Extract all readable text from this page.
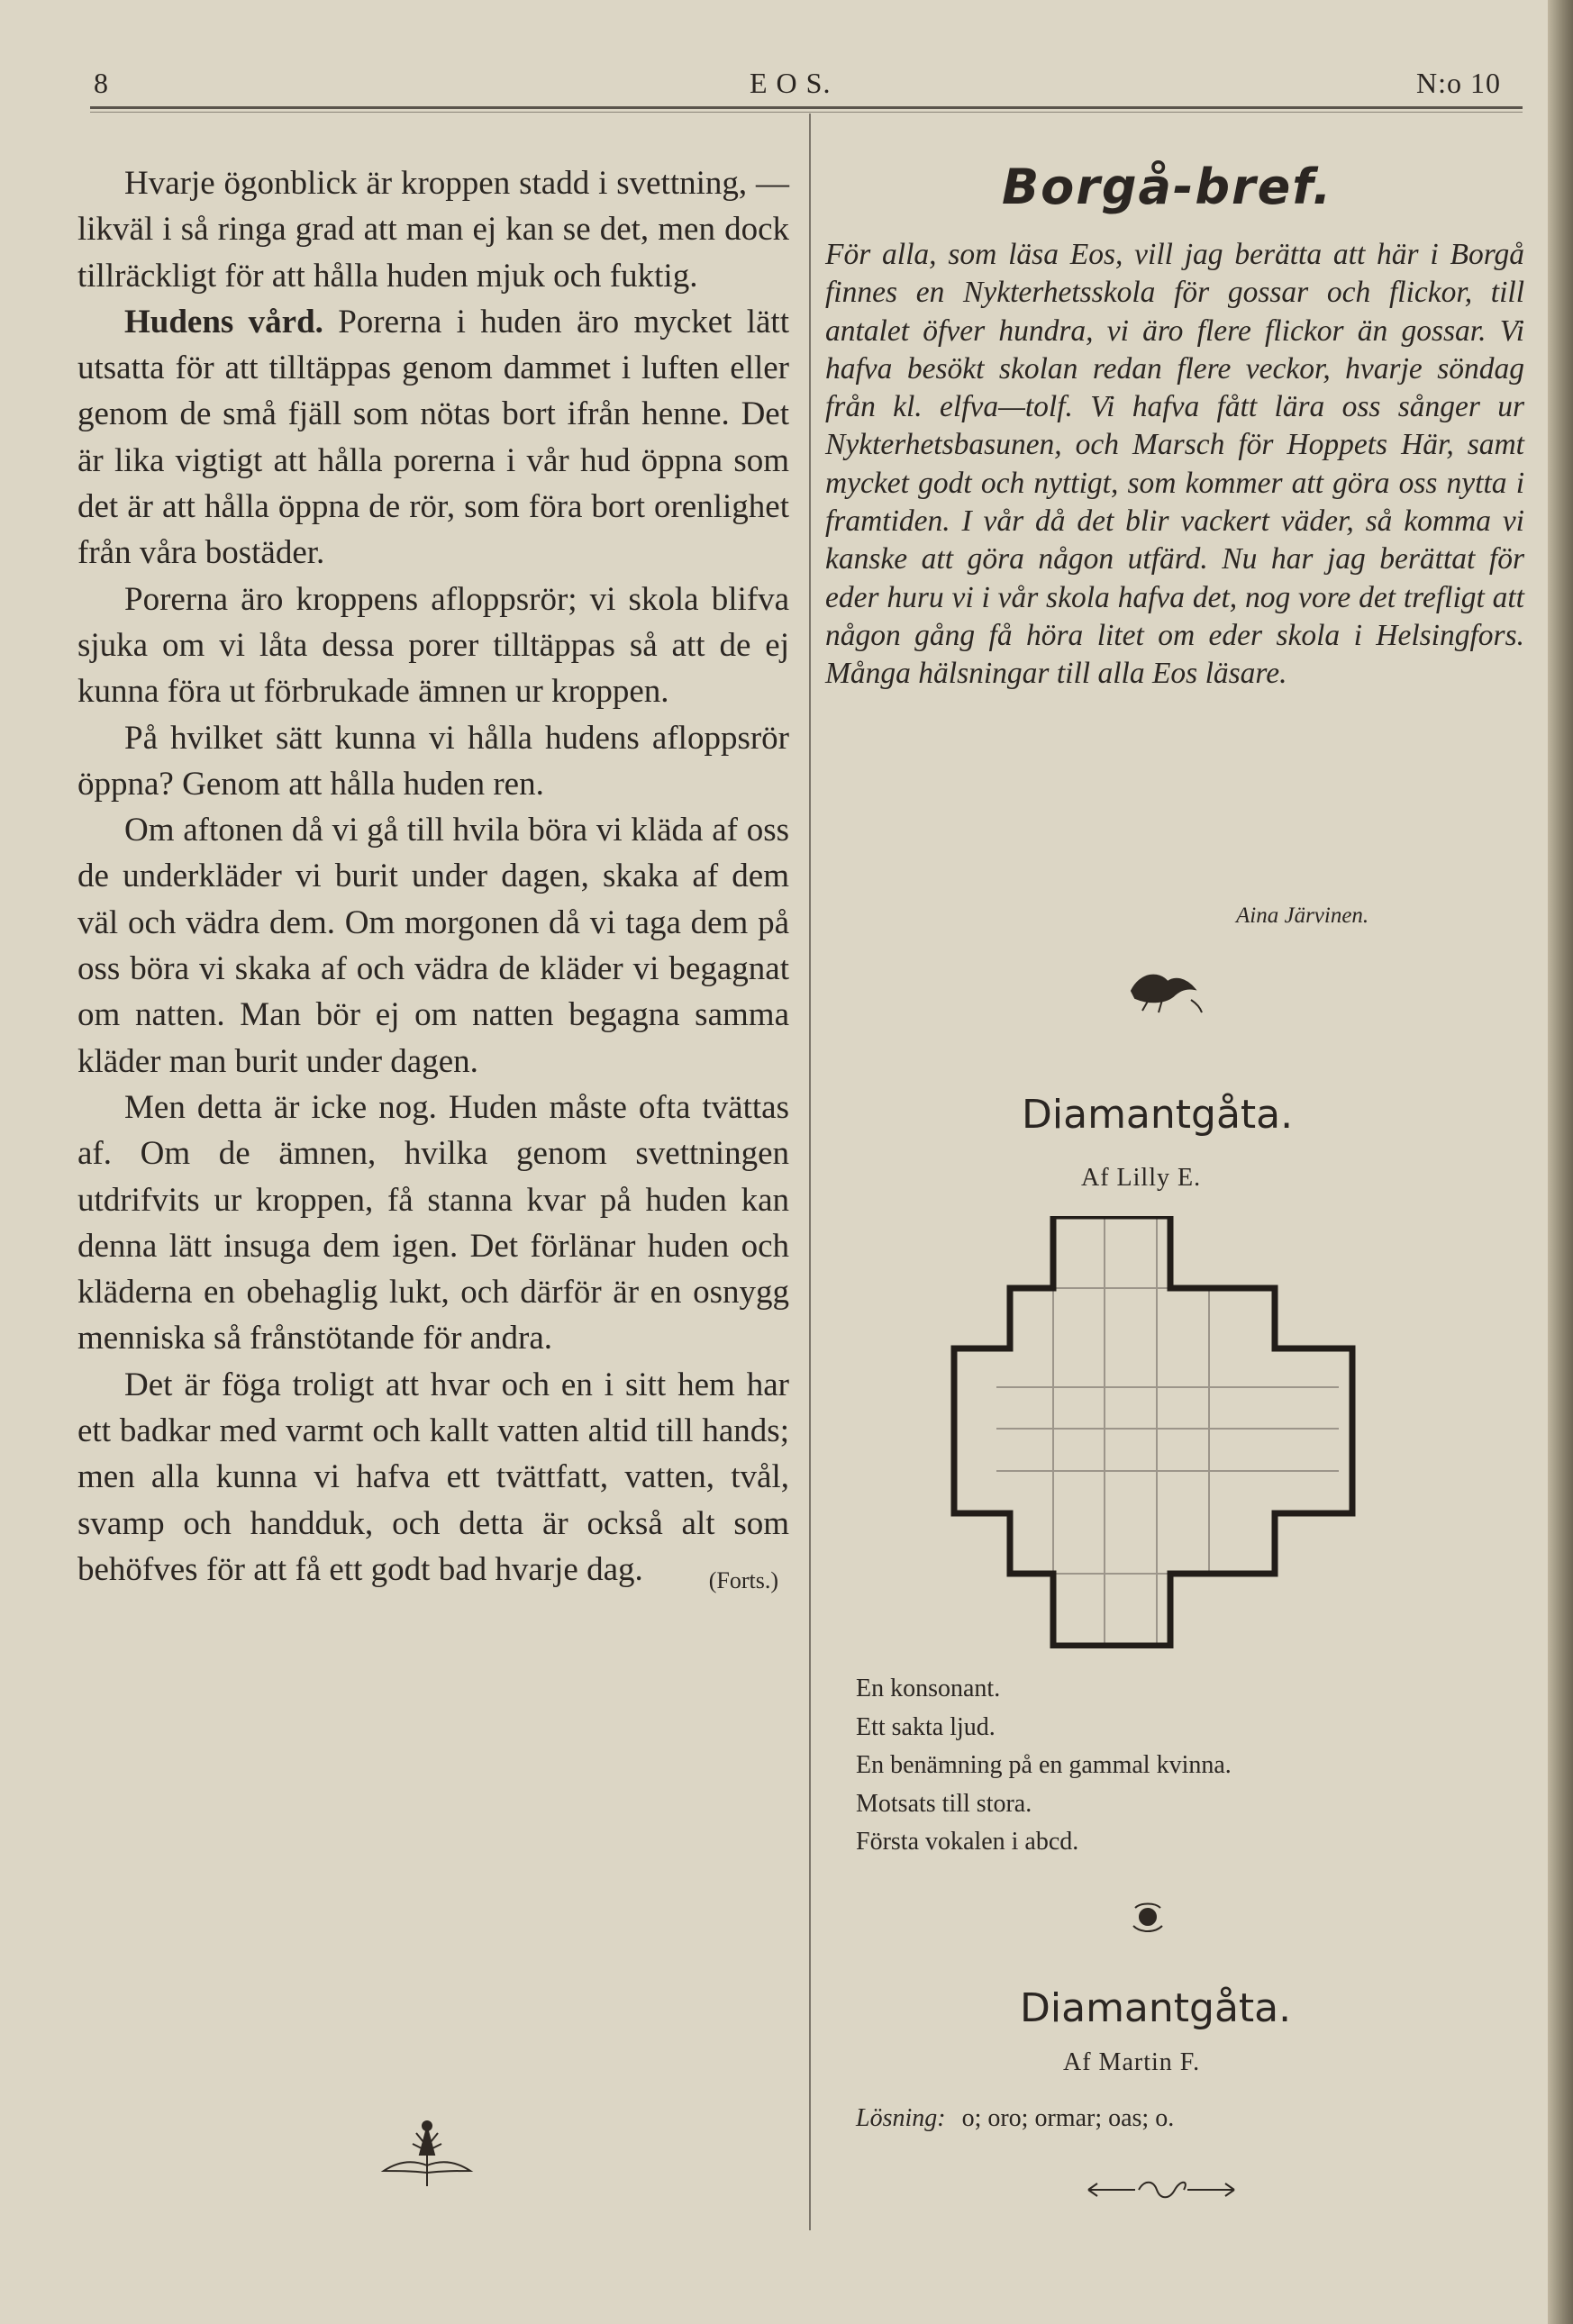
8	E O S.	N:o 10

Hvarje ögonblick är kroppen stadd i svettning, — likväl i så ringa grad att man ej kan se det, men dock tillräckligt för att hålla huden mjuk och fuktig.

Hudens vård. Porerna i huden äro mycket lätt utsatta för att tilltäppas genom dammet i luften eller genom de små fjäll som nötas bort ifrån henne. Det är lika vigtigt att hålla porerna i vår hud öppna som det är att hålla öppna de rör, som föra bort orenlighet från våra bostäder.

Porerna äro kroppens afloppsrör; vi skola blifva sjuka om vi låta dessa porer tilltäppas så att de ej kunna föra ut förbrukade ämnen ur kroppen.

På hvilket sätt kunna vi hålla hudens afloppsrör öppna? Genom att hålla huden ren.

Om aftonen då vi gå till hvila böra vi kläda af oss de underkläder vi burit under dagen, skaka af dem väl och vädra dem. Om morgonen då vi taga dem på oss böra vi skaka af och vädra de kläder vi begagnat om natten. Man bör ej om natten begagna samma kläder man burit under dagen.

Men detta är icke nog. Huden måste ofta tvättas af. Om de ämnen, hvilka genom svettningen utdrifvits ur kroppen, få stanna kvar på huden kan denna lätt insuga dem igen. Det förlänar huden och kläderna en obehaglig lukt, och därför är en osnygg menniska så frånstötande för andra.

Det är föga troligt att hvar och en i sitt hem har ett badkar med varmt och kallt vatten altid till hands; men alla kunna vi hafva ett tvättfatt, vatten, tvål, svamp och handduk, och detta är också alt som behöfves för att få ett godt bad hvarje dag.	(Forts.)

Borgå-bref.

För alla, som läsa Eos, vill jag berätta att här i Borgå finnes en Nykterhetsskola för gossar och flickor, till antalet öfver hundra, vi äro flere flickor än gossar. Vi hafva besökt skolan redan flere veckor, hvarje söndag från kl. elfva—tolf. Vi hafva fått lära oss sånger ur Nykterhetsbasunen, och Marsch för Hoppets Här, samt mycket godt och nyttigt, som kommer att göra oss nytta i framtiden. I vår då det blir vackert väder, så komma vi kanske att göra någon utfärd. Nu har jag berättat för eder huru vi i vår skola hafva det, nog vore det trefligt att någon gång få höra litet om eder skola i Helsingfors. Många hälsningar till alla Eos läsare.

Aina Järvinen.
Diamantgåta.
Af Lilly E.
En konsonant.
Ett sakta ljud.
En benämning på en gammal kvinna.
Motsats till stora.
Första vokalen i abcd.
Diamantgåta.
Af Martin F.
Lösning: o; oro; ormar; oas; o.
